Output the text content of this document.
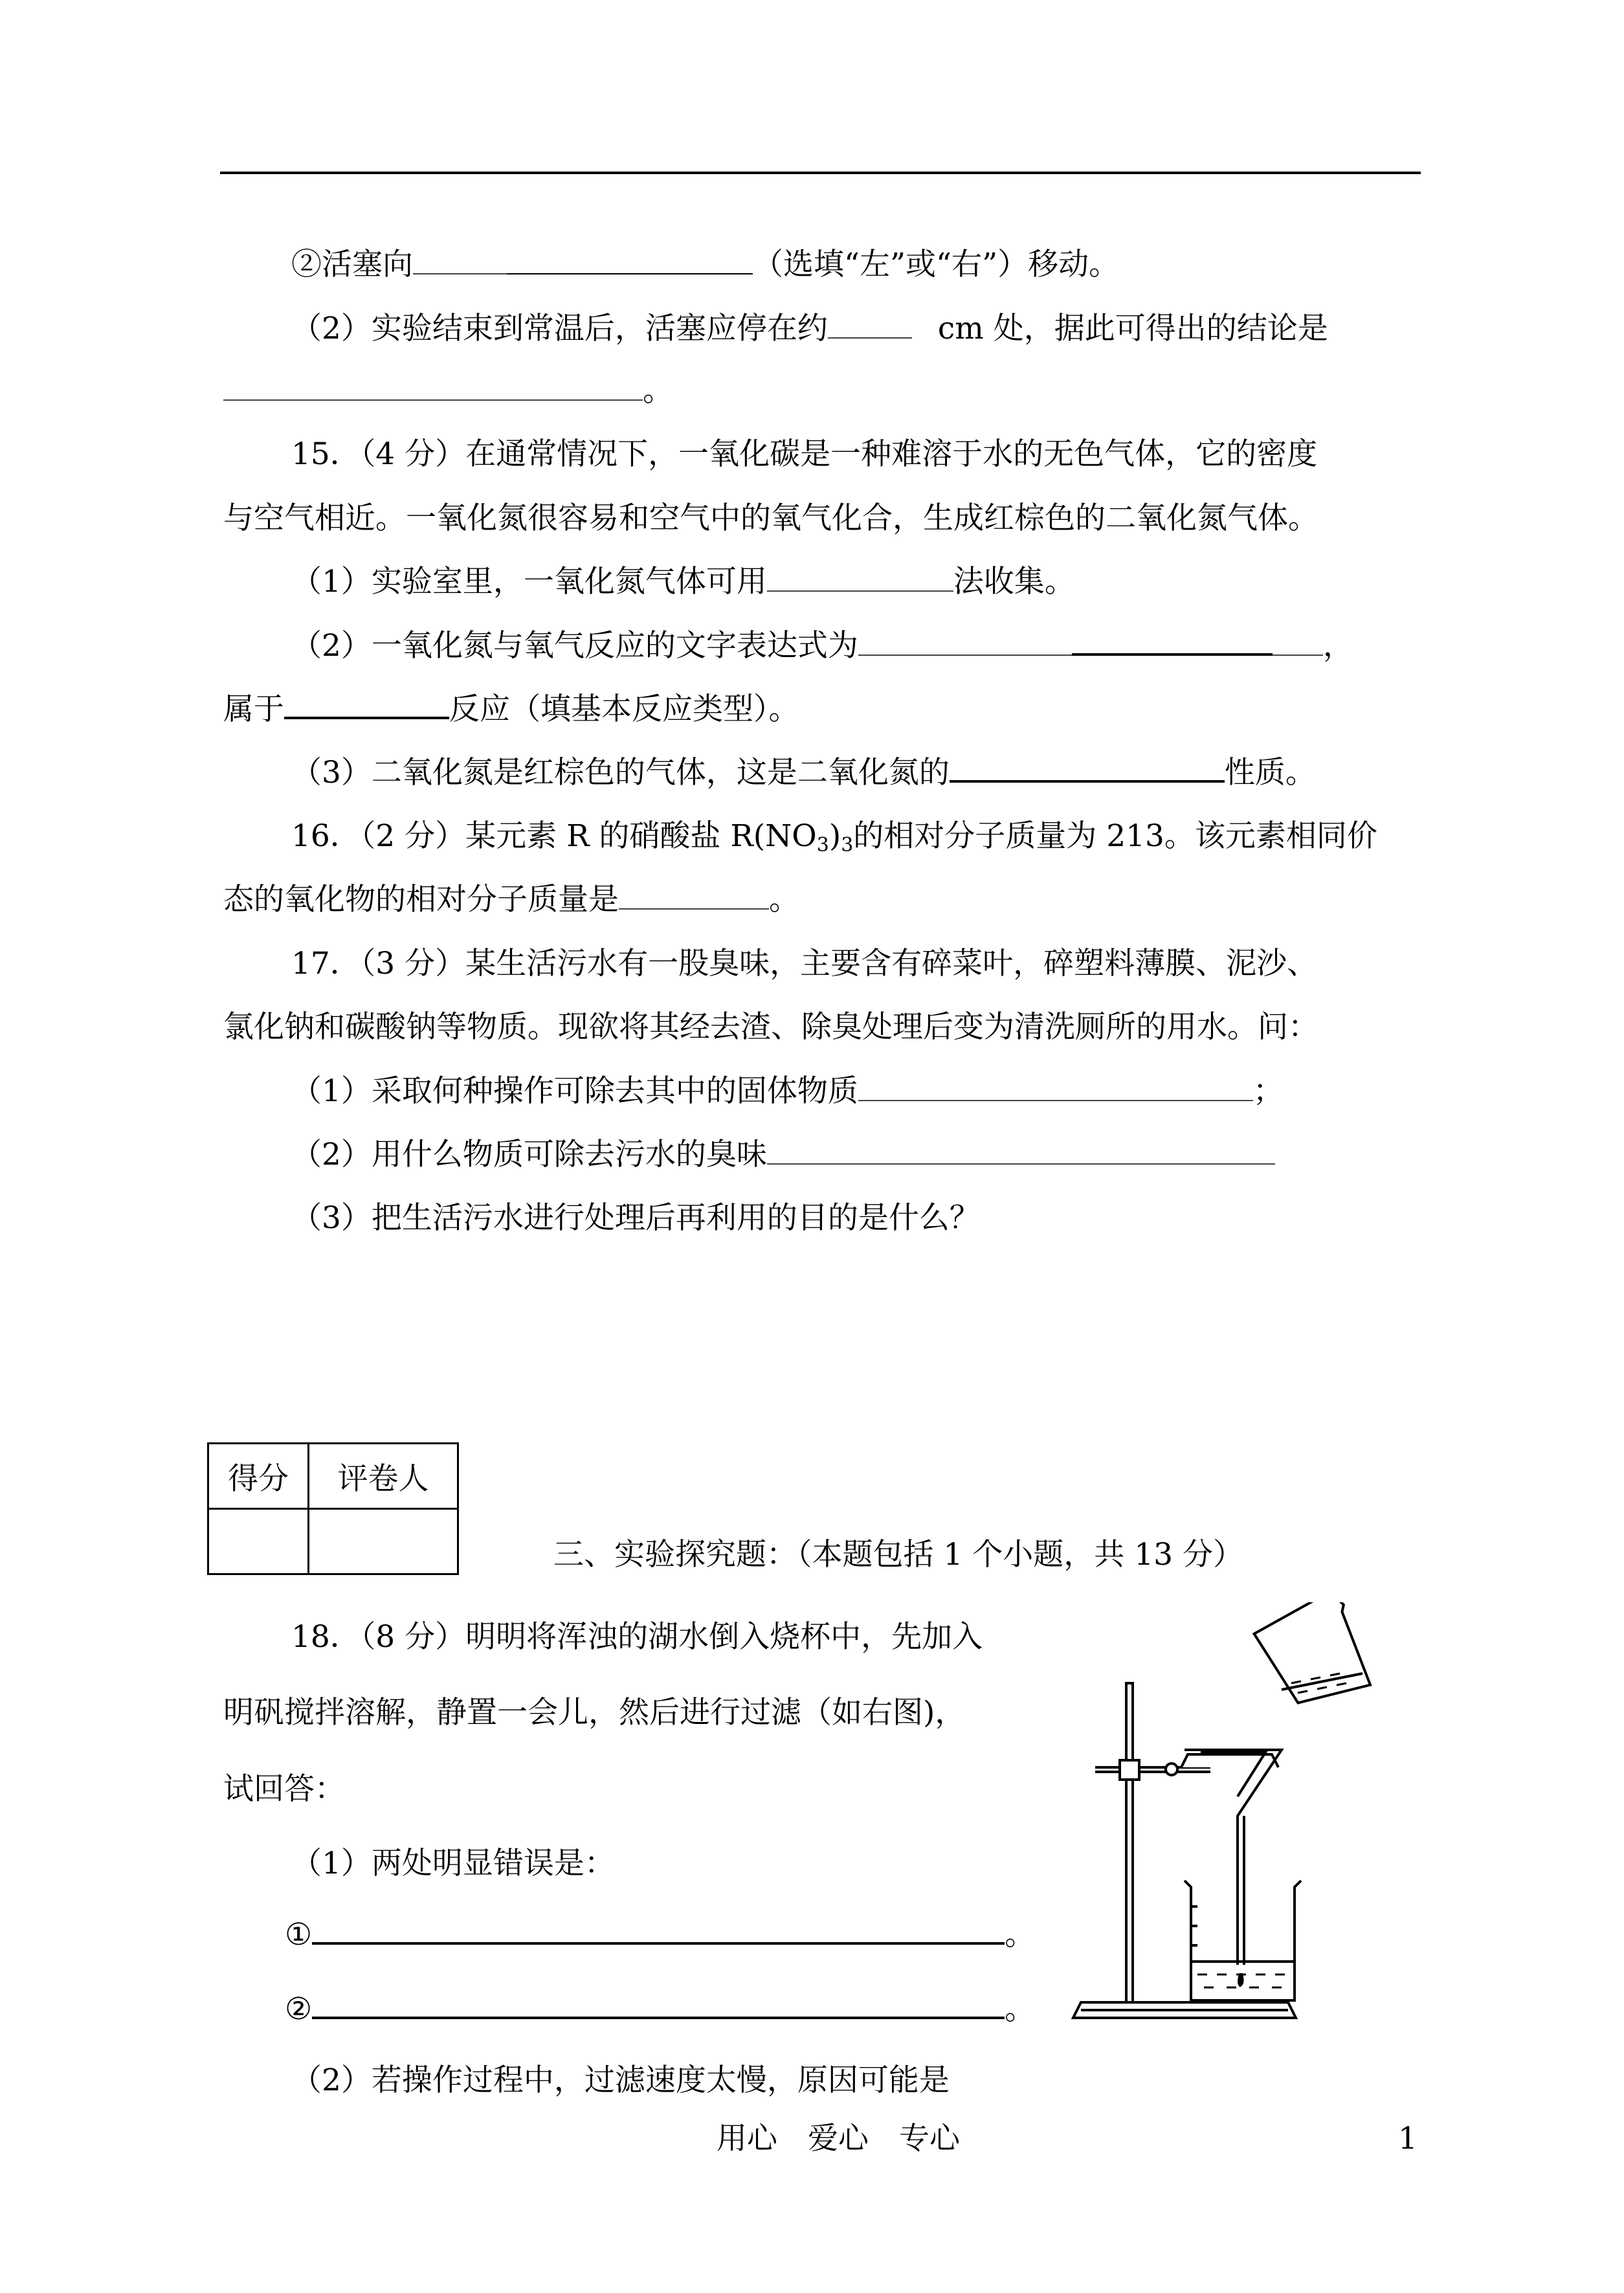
②活塞向	（选填“左”或“右”）移动。
（2）实验结束到常温后，活塞应停在约	cm 处，据此可得出的结论是
。
15．（4 分）在通常情况下，一氧化碳是一种难溶于水的无色气体，它的密度
与空气相近。一氧化氮很容易和空气中的氧气化合，生成红棕色的二氧化氮气体。
（1）实验室里，一氧化氮气体可用	法收集。
（2）一氧化氮与氧气反应的文字表达式为	，
属于	反应（填基本反应类型）。
（3）二氧化氮是红棕色的气体，这是二氧化氮的	性质。
16．（2 分）某元素 R 的硝酸盐 $R(NO_3)_3$的相对分子质量为 213。该元素相同价
态的氧化物的相对分子质量是	。
17．（3 分）某生活污水有一股臭味，主要含有碎菜叶，碎塑料薄膜、泥沙、
氯化钠和碳酸钠等物质。现欲将其经去渣、除臭处理后变为清洗厕所的用水。问：
（1）采取何种操作可除去其中的固体物质	；
（2）用什么物质可除去污水的臭味
（3）把生活污水进行处理后再利用的目的是什么？
得分	评卷人

三、实验探究题：（本题包括 1 个小题，共 13 分）
18．（8 分）明明将浑浊的湖水倒入烧杯中，先加入
明矾搅拌溶解，静置一会儿，然后进行过滤（如右图)，
试回答：
（1）两处明显错误是：
①	。
②	。
（2）若操作过程中，过滤速度太慢，原因可能是
用心　爱心　专心	1
